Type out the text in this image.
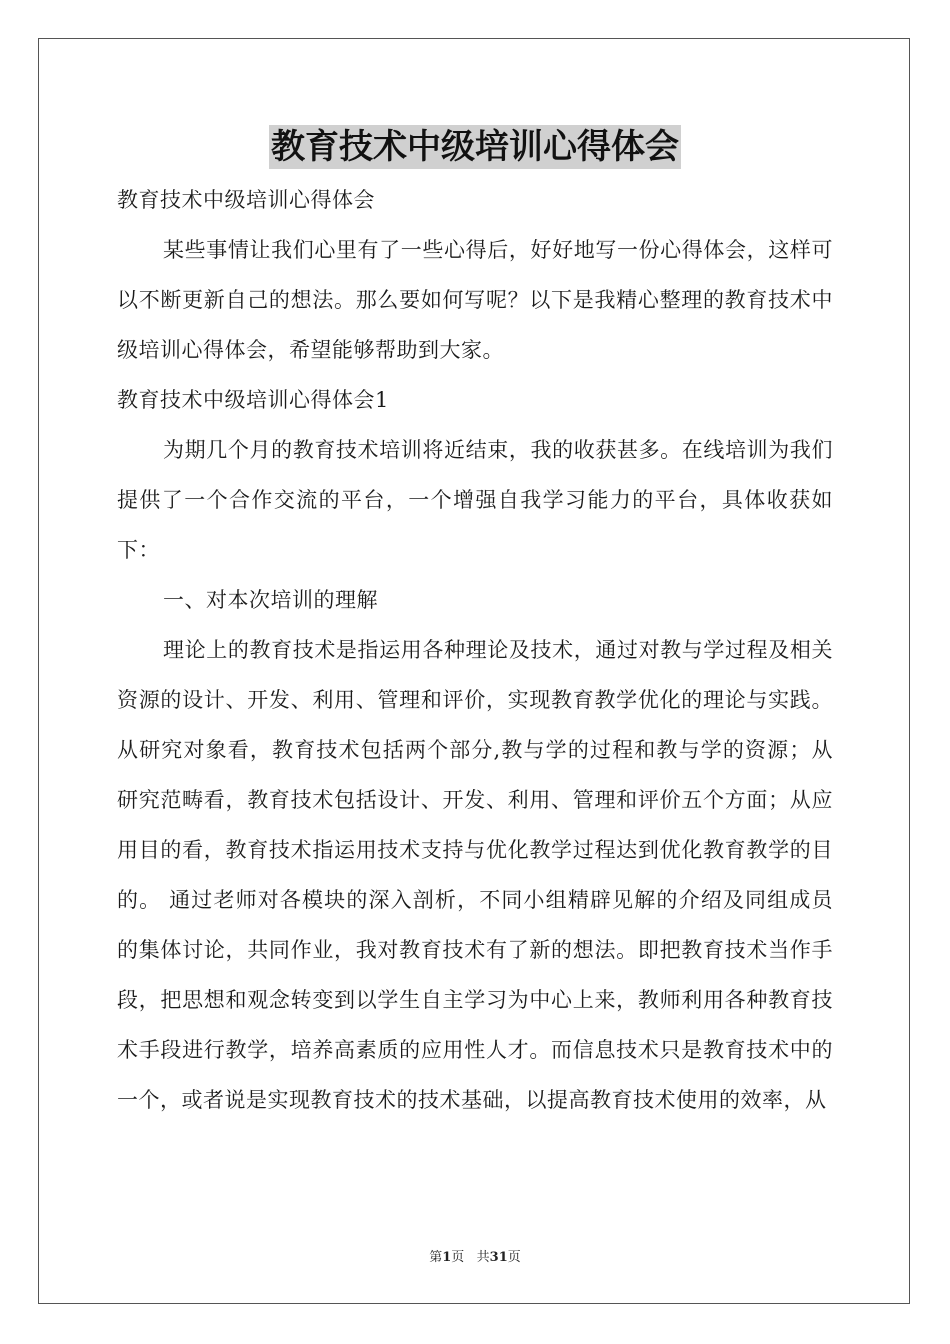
教育技术中级培训心得体会

教育技术中级培训心得体会

某些事情让我们心里有了一些心得后，好好地写一份心得体会，这样可以不断更新自己的想法。那么要如何写呢？以下是我精心整理的教育技术中级培训心得体会，希望能够帮助到大家。

教育技术中级培训心得体会1

为期几个月的教育技术培训将近结束，我的收获甚多。在线培训为我们提供了一个合作交流的平台，一个增强自我学习能力的平台，具体收获如下：

一、对本次培训的理解

理论上的教育技术是指运用各种理论及技术，通过对教与学过程及相关资源的设计、开发、利用、管理和评价，实现教育教学优化的理论与实践。从研究对象看，教育技术包括两个部分,教与学的过程和教与学的资源；从研究范畴看，教育技术包括设计、开发、利用、管理和评价五个方面；从应用目的看，教育技术指运用技术支持与优化教学过程达到优化教育教学的目的。 通过老师对各模块的深入剖析，不同小组精辟见解的介绍及同组成员的集体讨论，共同作业，我对教育技术有了新的想法。即把教育技术当作手段，把思想和观念转变到以学生自主学习为中心上来，教师利用各种教育技术手段进行教学，培养高素质的应用性人才。而信息技术只是教育技术中的一个，或者说是实现教育技术的技术基础，以提高教育技术使用的效率，从

第1页   共31页
